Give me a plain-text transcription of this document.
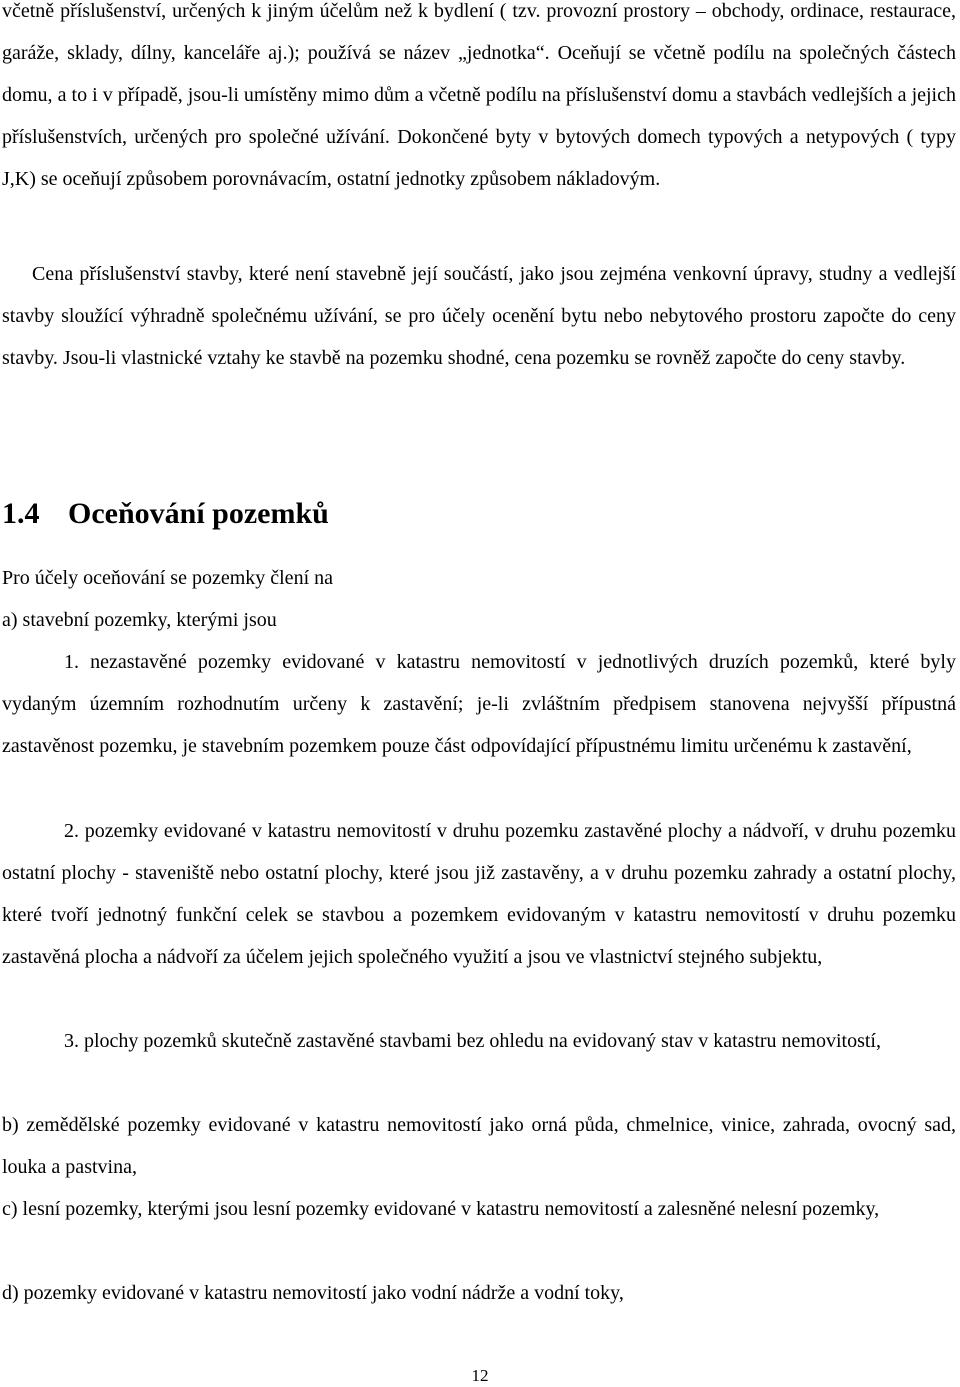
včetně příslušenství, určených k jiným účelům než k bydlení ( tzv. provozní prostory – obchody, ordinace, restaurace, garáže, sklady, dílny, kanceláře aj.); používá se název „jednotka“. Oceňují se včetně podílu na společných částech domu, a to i v případě, jsou-li umístěny mimo dům a včetně podílu na příslušenství domu a stavbách vedlejších a jejich příslušenstvích, určených pro společné užívání. Dokončené byty v bytových domech typových a netypových ( typy J,K) se oceňují způsobem porovnávacím, ostatní jednotky způsobem nákladovým.

Cena příslušenství stavby, které není stavebně její součástí, jako jsou zejména venkovní úpravy, studny a vedlejší stavby sloužící výhradně společnému užívání, se pro účely ocenění bytu nebo nebytového prostoru započte do ceny stavby. Jsou-li vlastnické vztahy ke stavbě na pozemku shodné, cena pozemku se rovněž započte do ceny stavby.

1.4 Oceňování pozemků

Pro účely oceňování se pozemky člení na

a) stavební pozemky, kterými jsou

1. nezastavěné pozemky evidované v katastru nemovitostí v jednotlivých druzích pozemků, které byly vydaným územním rozhodnutím určeny k zastavění; je-li zvláštním předpisem stanovena nejvyšší přípustná zastavěnost pozemku, je stavebním pozemkem pouze část odpovídající přípustnému limitu určenému k zastavění,

2. pozemky evidované v katastru nemovitostí v druhu pozemku zastavěné plochy a nádvoří, v druhu pozemku ostatní plochy - staveniště nebo ostatní plochy, které jsou již zastavěny, a v druhu pozemku zahrady a ostatní plochy, které tvoří jednotný funkční celek se stavbou a pozemkem evidovaným v katastru nemovitostí v druhu pozemku zastavěná plocha a nádvoří za účelem jejich společného využití a jsou ve vlastnictví stejného subjektu,

3. plochy pozemků skutečně zastavěné stavbami bez ohledu na evidovaný stav v katastru nemovitostí,

b) zemědělské pozemky evidované v katastru nemovitostí jako orná půda, chmelnice, vinice, zahrada, ovocný sad, louka a pastvina,

c) lesní pozemky, kterými jsou lesní pozemky evidované v katastru nemovitostí a zalesněné nelesní pozemky,

d) pozemky evidované v katastru nemovitostí jako vodní nádrže a vodní toky,

12
